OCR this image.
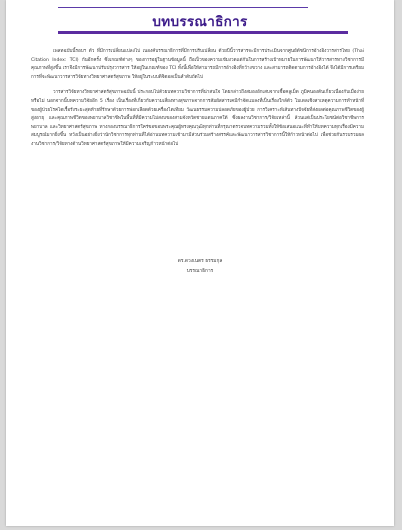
บทบรรณาธิการ

เพลทฉบับนี้รอบฯ ตัว ที่มีการเปลี่ยนแปลงไป เนองค์บรรณาธิการที่มีการปรับเปลี่ยน ด้วยปีนี้วารสารจะมีการประเมินจากศูนย์ดัชนีการอ้างอิงวารสารไทย (Thai Citation Index: TCI) กันอีกครั้ง ซึ่งเกณฑ์ต่างๆ ของการอยู่ในฐานข้อมูลนี้ ถือเป็วของความเข้มงวดแต่กันในการสร้างเป้าหมายในการพัฒนาให้วารสารทางวิชาการมีคุณภาพที่สูงขึ้น เราจึงมีการพัฒนาปรับปรุงวารสาร ให้อยู่ในเกณฑ์ของ TCI ทั้งนี้เพื่อให้สามารถมีการอ้างอิงที่กว้างขวาง และสามารถติดตามการอ้างอิงได้ จึงได้มีการเตรียมการที่จะพัฒนาวารสารวิจัยทางวิทยาศาสตร์สุขภาพ ให้อยู่ในระบบดิจิตอลเป็นลำดับถัดไป

วารสารวิจัยทางวิทยาศาสตร์สุขภาพฉบับนี้ ประกอบไปด้วยบทความวิชาการที่น่าสนใจ โดยกล่าวถึงสมองอักเสบจากเชื้อคลูเม็ด ภูมิคนองต้นเกี่ยวเนื่องกับเมื่อง่ายหรือไม่ นอกจากนี้บทความวิจัยอีก 5 เรื่อง เป็นเรื่องที่เกี่ยวกับความเสี่ยงทางสุขภาพจากการสัมผัสสารเคมีกำจัดแมลงที่เป็นเรื่องใกล้ตัว โมเดลเชิงสาเหตุความการทำหน้าที่ของผู้ป่วยโรคไตเรื้อรังระยะสุดท้ายที่รักษาด้วยการฟอกเลือดด้วยเครื่องไตเทียม วัฒนธรรมความปลอดภัยของผู้ป่วย การวิเคราะห์เส้นทางปัจจัยที่ส่งผลต่อคุณภาพชีวิตของผู้สูงอายุ และคุณภาพชีวิตของพยาบาลวิชาชีพในพื้นที่ที่มีความไม่สงบของสามจังหวัดชายแดนภาคใต้ ซึ่งผลงานวิชาการ/วิจัยเหล่านี้ ล้วนแต่เป็นประโยชน์ต่อวิชาชีพการพยาบาล และวิทยาศาสตร์สุขภาพ ทางกองบรรณาธิการใคร่ขอขอบพระคุณผู้ทรงคุณวุฒิทุกท่านที่กรุณาตรวจบทความรวมทั้งให้ข้อเสนอแนะที่ทำให้บทความทุกเรื่องมีความสมบูรณ์มากยิ่งขึ้น หวังเป็นอย่างยิ่งว่านักวิชาการทุกท่านที่ได้อ่านบทความเข้ามามีส่วนร่วมสร้างสรรค์และพัฒนาวารสารวิชาการนี้ให้ก้าวหน้าต่อไป เพื่อช่วยกันรวบรวมผลงานวิชาการ/วิจัยทางด้านวิทยาศาสตร์สุขภาพให้มีความเจริญก้าวหน้าต่อไป

ดร.ดวงเนตร ธรรมกุล
บรรณาธิการ
